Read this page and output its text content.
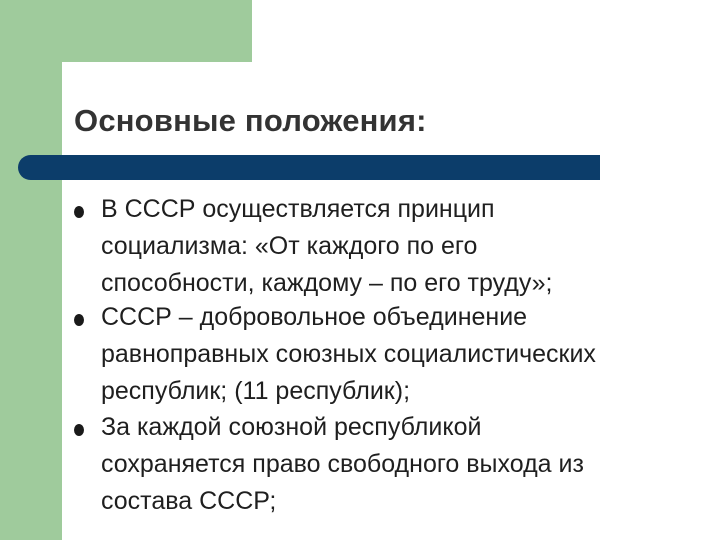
Основные положения:
В СССР осуществляется принцип
социализма: «От каждого по его
способности, каждому – по его труду»;
СССР – добровольное объединение
равноправных союзных социалистических
республик; (11 республик);
За каждой союзной республикой
сохраняется право свободного выхода из
состава СССР;
